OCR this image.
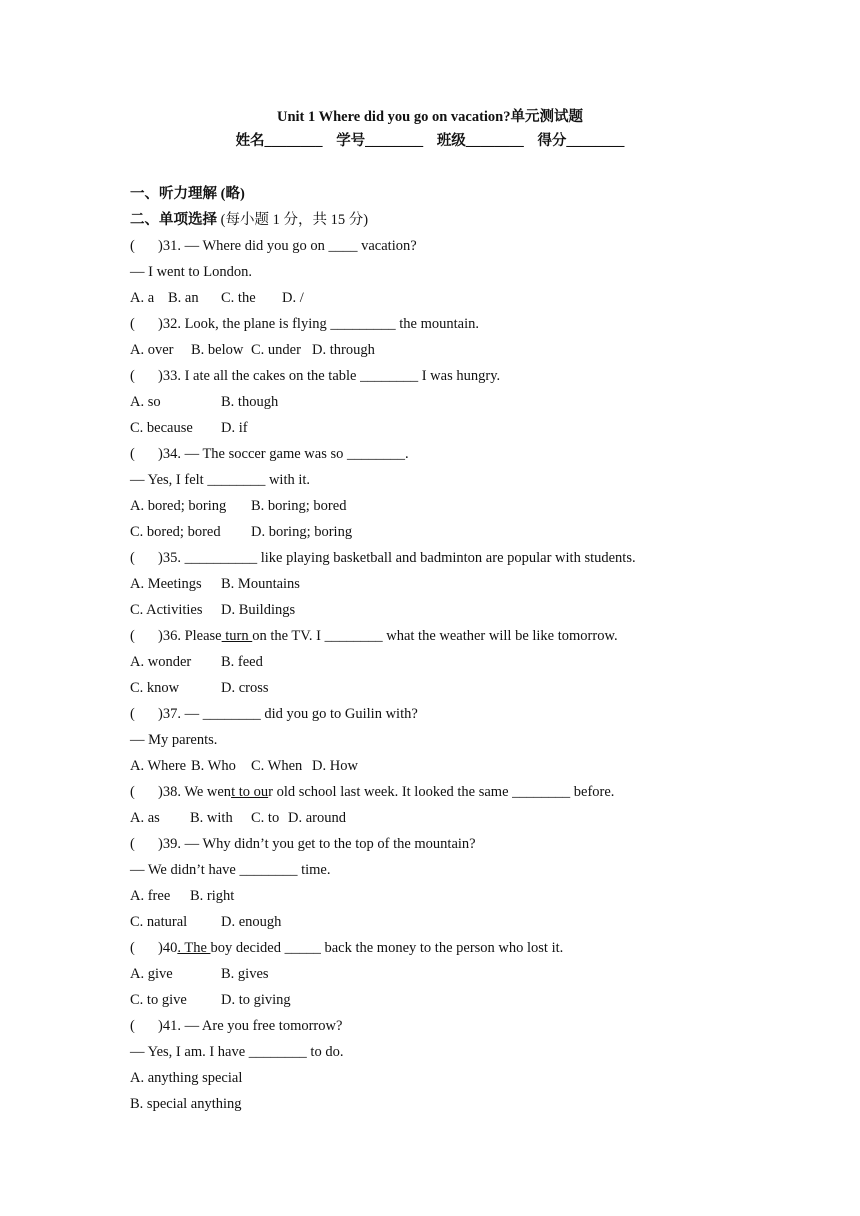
Unit 1 Where did you go on vacation?单元测试题
姓名________ 学号________ 班级________ 得分________
一、听力理解 (略)
二、单项选择 (每小题 1 分，共 15 分)
( )31. — Where did you go on ____ vacation?
— I went to London.
A. a B. an C. the D. /
( )32. Look, the plane is flying _________ the mountain.
A. over B. below C. under D. through
( )33. I ate all the cakes on the table ________ I was hungry.
A. so	B. though
C. because D. if
( )34. — The soccer game was so ________.
— Yes, I felt ________ with it.
A. bored; boring B. boring; bored
C. bored; bored D. boring; boring
( )35. __________ like playing basketball and badminton are popular with students.
A. Meetings B. Mountains
C. Activities D. Buildings
( )36. Please turn on the TV. I ________ what the weather will be like tomorrow.
A. wonder B. feed
C. know	D. cross
( )37. — ________ did you go to Guilin with?
— My parents.
A. Where B. Who C. When D. How
( )38. We went to our old school last week. It looked the same ________ before.
A. as B. with C. to D. around
( )39. — Why didn’t you get to the top of the mountain?
— We didn’t have ________ time.
A. free B. right
C. natural D. enough
( )40. The boy decided _____ back the money to the person who lost it.
A. give	B. gives
C. to give D. to giving
( )41. — Are you free tomorrow?
— Yes, I am. I have ________ to do.
A. anything special
B. special anything
